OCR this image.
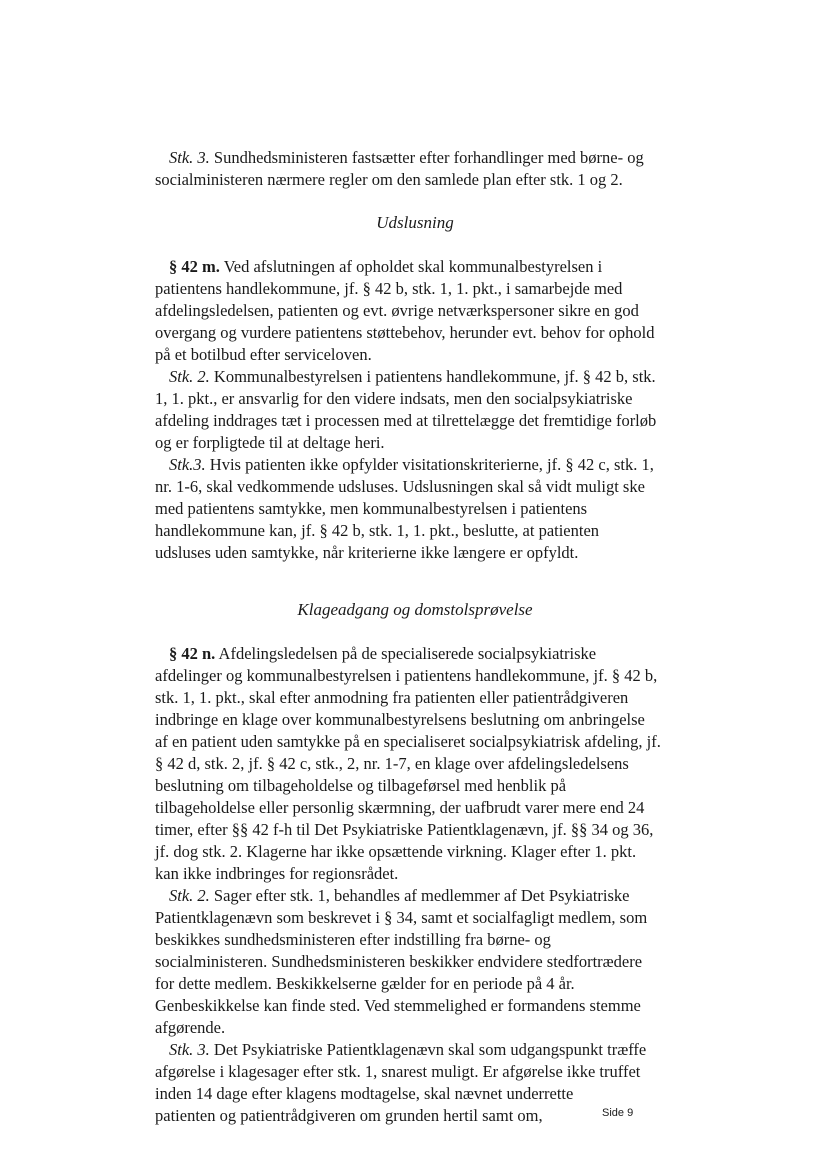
Stk. 3. Sundhedsministeren fastsætter efter forhandlinger med børne- og
socialministeren nærmere regler om den samlede plan efter stk. 1 og 2.
Udslusning
§ 42 m. Ved afslutningen af opholdet skal kommunalbestyrelsen i
patientens handlekommune, jf. § 42 b, stk. 1, 1. pkt., i samarbejde med
afdelingsledelsen, patienten og evt. øvrige netværkspersoner sikre en god
overgang og vurdere patientens støttebehov, herunder evt. behov for ophold
på et botilbud efter serviceloven.
Stk. 2. Kommunalbestyrelsen i patientens handlekommune, jf. § 42 b, stk.
1, 1. pkt., er ansvarlig for den videre indsats, men den socialpsykiatriske
afdeling inddrages tæt i processen med at tilrettelægge det fremtidige forløb
og er forpligtede til at deltage heri.
Stk.3. Hvis patienten ikke opfylder visitationskriterierne, jf. § 42 c, stk. 1,
nr. 1-6, skal vedkommende udsluses. Udslusningen skal så vidt muligt ske
med patientens samtykke, men kommunalbestyrelsen i patientens
handlekommune kan, jf. § 42 b, stk. 1, 1. pkt., beslutte, at patienten
udsluses uden samtykke, når kriterierne ikke længere er opfyldt.
Klageadgang og domstolsprøvelse
§ 42 n. Afdelingsledelsen på de specialiserede socialpsykiatriske
afdelinger og kommunalbestyrelsen i patientens handlekommune, jf. § 42 b,
stk. 1, 1. pkt., skal efter anmodning fra patienten eller patientrådgiveren
indbringe en klage over kommunalbestyrelsens beslutning om anbringelse
af en patient uden samtykke på en specialiseret socialpsykiatrisk afdeling, jf.
§ 42 d, stk. 2, jf. § 42 c, stk., 2, nr. 1-7, en klage over afdelingsledelsens
beslutning om tilbageholdelse og tilbageførsel med henblik på
tilbageholdelse eller personlig skærmning, der uafbrudt varer mere end 24
timer, efter §§ 42 f-h til Det Psykiatriske Patientklagenævn, jf. §§ 34 og 36,
jf. dog stk. 2. Klagerne har ikke opsættende virkning. Klager efter 1. pkt.
kan ikke indbringes for regionsrådet.
Stk. 2. Sager efter stk. 1, behandles af medlemmer af Det Psykiatriske
Patientklagenævn som beskrevet i § 34, samt et socialfagligt medlem, som
beskikkes sundhedsministeren efter indstilling fra børne- og
socialministeren. Sundhedsministeren beskikker endvidere stedfortrædere
for dette medlem. Beskikkelserne gælder for en periode på 4 år.
Genbeskikkelse kan finde sted. Ved stemmelighed er formandens stemme
afgørende.
Stk. 3. Det Psykiatriske Patientklagenævn skal som udgangspunkt træffe
afgørelse i klagesager efter stk. 1, snarest muligt. Er afgørelse ikke truffet
inden 14 dage efter klagens modtagelse, skal nævnet underrette
patienten og patientrådgiveren om grunden hertil samt om,	Side 9
